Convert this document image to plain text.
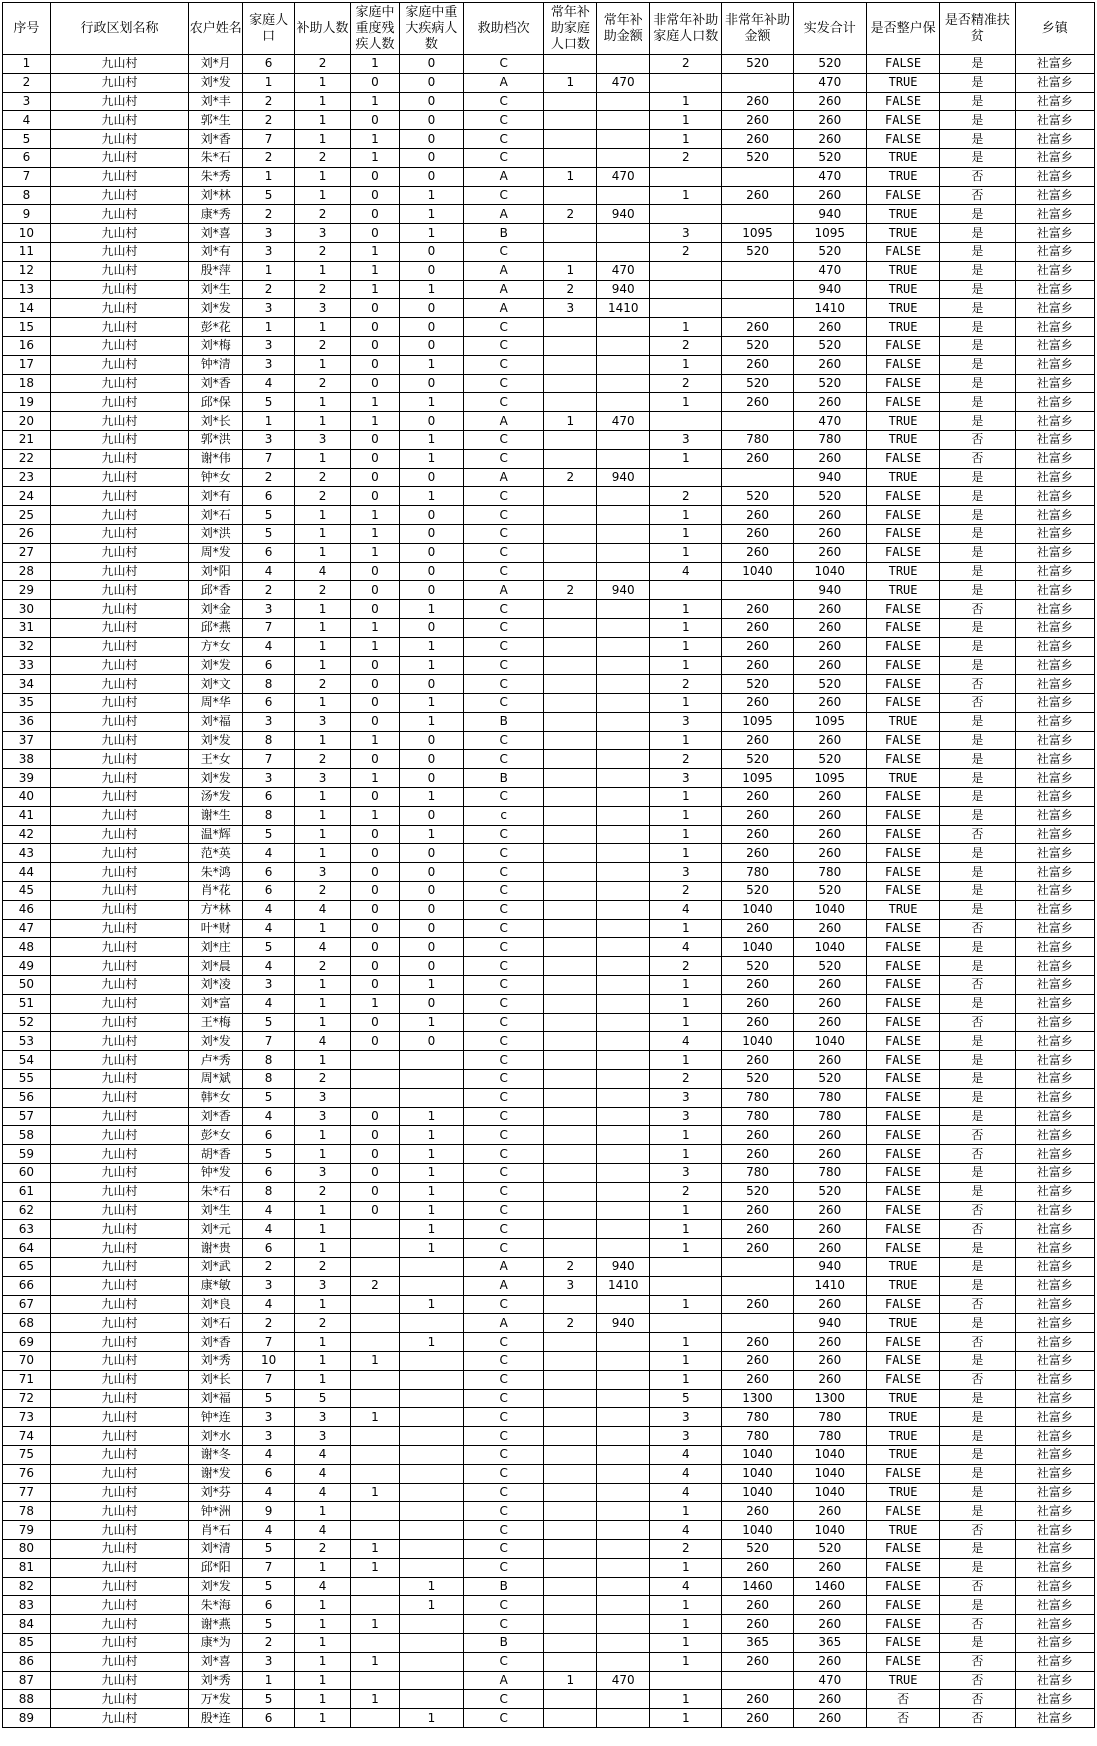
序号	行政区划名称	农户姓名	家庭人口	补助人数	家庭中重度残疾人数	家庭中重大疾病人数	救助档次	常年补助家庭人口数	常年补助金额	非常年补助家庭人口数	非常年补助金额	实发合计	是否整户保	是否精准扶贫	乡镇
1	九山村	刘*月	6	2	1	0	C			2	520	520	FALSE	是	社富乡
2	九山村	刘*发	1	1	0	0	A	1	470			470	TRUE	是	社富乡
3	九山村	刘*丰	2	1	1	0	C			1	260	260	FALSE	是	社富乡
4	九山村	郭*生	2	1	0	0	C			1	260	260	FALSE	是	社富乡
5	九山村	刘*香	7	1	1	0	C			1	260	260	FALSE	是	社富乡
6	九山村	朱*石	2	2	1	0	C			2	520	520	TRUE	是	社富乡
7	九山村	朱*秀	1	1	0	0	A	1	470			470	TRUE	否	社富乡
8	九山村	刘*林	5	1	0	1	C			1	260	260	FALSE	否	社富乡
9	九山村	康*秀	2	2	0	1	A	2	940			940	TRUE	是	社富乡
10	九山村	刘*喜	3	3	0	1	B			3	1095	1095	TRUE	是	社富乡
11	九山村	刘*有	3	2	1	0	C			2	520	520	FALSE	是	社富乡
12	九山村	殷*萍	1	1	1	0	A	1	470			470	TRUE	是	社富乡
13	九山村	刘*生	2	2	1	1	A	2	940			940	TRUE	是	社富乡
14	九山村	刘*发	3	3	0	0	A	3	1410			1410	TRUE	是	社富乡
15	九山村	彭*花	1	1	0	0	C			1	260	260	TRUE	是	社富乡
16	九山村	刘*梅	3	2	0	0	C			2	520	520	FALSE	是	社富乡
17	九山村	钟*清	3	1	0	1	C			1	260	260	FALSE	是	社富乡
18	九山村	刘*香	4	2	0	0	C			2	520	520	FALSE	是	社富乡
19	九山村	邱*保	5	1	1	1	C			1	260	260	FALSE	是	社富乡
20	九山村	刘*长	1	1	1	0	A	1	470			470	TRUE	是	社富乡
21	九山村	郭*洪	3	3	0	1	C			3	780	780	TRUE	否	社富乡
22	九山村	谢*伟	7	1	0	1	C			1	260	260	FALSE	否	社富乡
23	九山村	钟*女	2	2	0	0	A	2	940			940	TRUE	是	社富乡
24	九山村	刘*有	6	2	0	1	C			2	520	520	FALSE	是	社富乡
25	九山村	刘*石	5	1	1	0	C			1	260	260	FALSE	是	社富乡
26	九山村	刘*洪	5	1	1	0	C			1	260	260	FALSE	是	社富乡
27	九山村	周*发	6	1	1	0	C			1	260	260	FALSE	是	社富乡
28	九山村	刘*阳	4	4	0	0	C			4	1040	1040	TRUE	是	社富乡
29	九山村	邱*香	2	2	0	0	A	2	940			940	TRUE	是	社富乡
30	九山村	刘*金	3	1	0	1	C			1	260	260	FALSE	否	社富乡
31	九山村	邱*燕	7	1	1	0	C			1	260	260	FALSE	是	社富乡
32	九山村	方*女	4	1	1	1	C			1	260	260	FALSE	是	社富乡
33	九山村	刘*发	6	1	0	1	C			1	260	260	FALSE	是	社富乡
34	九山村	刘*文	8	2	0	0	C			2	520	520	FALSE	否	社富乡
35	九山村	周*华	6	1	0	1	C			1	260	260	FALSE	否	社富乡
36	九山村	刘*福	3	3	0	1	B			3	1095	1095	TRUE	是	社富乡
37	九山村	刘*发	8	1	1	0	C			1	260	260	FALSE	是	社富乡
38	九山村	王*女	7	2	0	0	C			2	520	520	FALSE	是	社富乡
39	九山村	刘*发	3	3	1	0	B			3	1095	1095	TRUE	是	社富乡
40	九山村	汤*发	6	1	0	1	C			1	260	260	FALSE	是	社富乡
41	九山村	谢*生	8	1	1	0	c			1	260	260	FALSE	是	社富乡
42	九山村	温*辉	5	1	0	1	C			1	260	260	FALSE	否	社富乡
43	九山村	范*英	4	1	0	0	C			1	260	260	FALSE	是	社富乡
44	九山村	朱*鸿	6	3	0	0	C			3	780	780	FALSE	是	社富乡
45	九山村	肖*花	6	2	0	0	C			2	520	520	FALSE	是	社富乡
46	九山村	方*林	4	4	0	0	C			4	1040	1040	TRUE	是	社富乡
47	九山村	叶*财	4	1	0	0	C			1	260	260	FALSE	否	社富乡
48	九山村	刘*庄	5	4	0	0	C			4	1040	1040	FALSE	是	社富乡
49	九山村	刘*晨	4	2	0	0	C			2	520	520	FALSE	是	社富乡
50	九山村	刘*凌	3	1	0	1	C			1	260	260	FALSE	否	社富乡
51	九山村	刘*富	4	1	1	0	C			1	260	260	FALSE	是	社富乡
52	九山村	王*梅	5	1	0	1	C			1	260	260	FALSE	否	社富乡
53	九山村	刘*发	7	4	0	0	C			4	1040	1040	FALSE	是	社富乡
54	九山村	卢*秀	8	1			C			1	260	260	FALSE	是	社富乡
55	九山村	周*斌	8	2			C			2	520	520	FALSE	是	社富乡
56	九山村	韩*女	5	3			C			3	780	780	FALSE	是	社富乡
57	九山村	刘*香	4	3	0	1	C			3	780	780	FALSE	是	社富乡
58	九山村	彭*女	6	1	0	1	C			1	260	260	FALSE	否	社富乡
59	九山村	胡*香	5	1	0	1	C			1	260	260	FALSE	否	社富乡
60	九山村	钟*发	6	3	0	1	C			3	780	780	FALSE	是	社富乡
61	九山村	朱*石	8	2	0	1	C			2	520	520	FALSE	是	社富乡
62	九山村	刘*生	4	1	0	1	C			1	260	260	FALSE	否	社富乡
63	九山村	刘*元	4	1		1	C			1	260	260	FALSE	否	社富乡
64	九山村	谢*贵	6	1		1	C			1	260	260	FALSE	是	社富乡
65	九山村	刘*武	2	2			A	2	940			940	TRUE	是	社富乡
66	九山村	康*敏	3	3	2		A	3	1410			1410	TRUE	是	社富乡
67	九山村	刘*良	4	1		1	C			1	260	260	FALSE	否	社富乡
68	九山村	刘*石	2	2			A	2	940			940	TRUE	是	社富乡
69	九山村	刘*香	7	1		1	C			1	260	260	FALSE	否	社富乡
70	九山村	刘*秀	10	1	1		C			1	260	260	FALSE	是	社富乡
71	九山村	刘*长	7	1			C			1	260	260	FALSE	否	社富乡
72	九山村	刘*福	5	5			C			5	1300	1300	TRUE	是	社富乡
73	九山村	钟*连	3	3	1		C			3	780	780	TRUE	是	社富乡
74	九山村	刘*水	3	3			C			3	780	780	TRUE	是	社富乡
75	九山村	谢*冬	4	4			C			4	1040	1040	TRUE	是	社富乡
76	九山村	谢*发	6	4			C			4	1040	1040	FALSE	是	社富乡
77	九山村	刘*芬	4	4	1		C			4	1040	1040	TRUE	是	社富乡
78	九山村	钟*洲	9	1			C			1	260	260	FALSE	是	社富乡
79	九山村	肖*石	4	4			C			4	1040	1040	TRUE	否	社富乡
80	九山村	刘*清	5	2	1		C			2	520	520	FALSE	是	社富乡
81	九山村	邱*阳	7	1	1		C			1	260	260	FALSE	是	社富乡
82	九山村	刘*发	5	4		1	B			4	1460	1460	FALSE	否	社富乡
83	九山村	朱*海	6	1		1	C			1	260	260	FALSE	是	社富乡
84	九山村	谢*燕	5	1	1		C			1	260	260	FALSE	否	社富乡
85	九山村	康*为	2	1			B			1	365	365	FALSE	是	社富乡
86	九山村	刘*喜	3	1	1		C			1	260	260	FALSE	否	社富乡
87	九山村	刘*秀	1	1			A	1	470			470	TRUE	否	社富乡
88	九山村	万*发	5	1	1		C			1	260	260	否	否	社富乡
89	九山村	殷*连	6	1		1	C			1	260	260	否	否	社富乡
